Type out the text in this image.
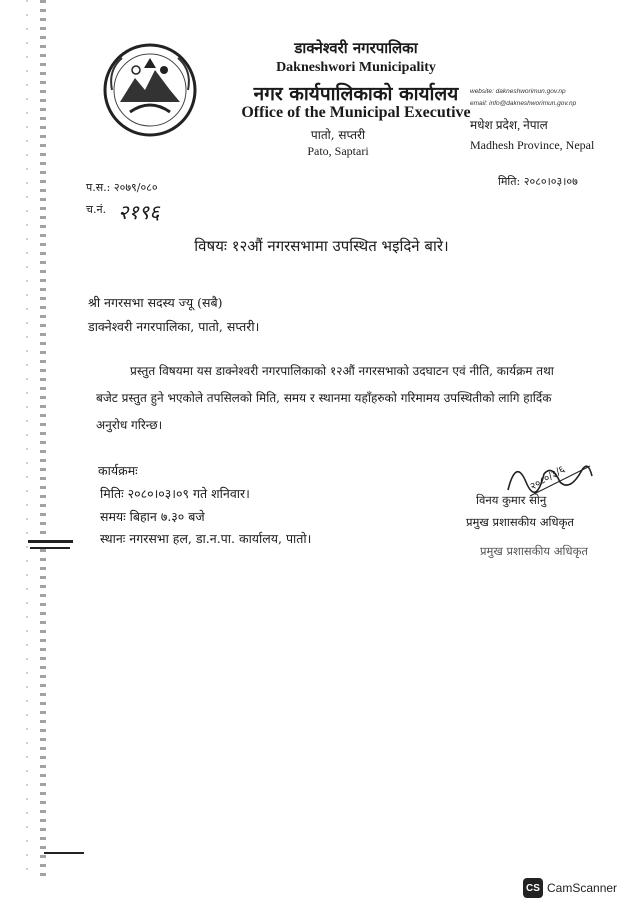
डाक्नेश्वरी नगरपालिका
Dakneshwori Municipality
नगर कार्यपालिकाको कार्यालय
Office of the Municipal Executive
पातो, सप्तरी
Pato, Saptari
website: dakneshworimun.gov.np
email: info@dakneshworimun.gov.np
मधेश प्रदेश, नेपाल
Madhesh Province, Nepal
प.स.: २०७९/०८०
च.नं. २१९६
मिति: २०८०।०३।०७
विषयः १२औं नगरसभामा उपस्थित भइदिने बारे।
श्री नगरसभा सदस्य ज्यू (सबै)
डाक्नेश्वरी नगरपालिका, पातो, सप्तरी।
प्रस्तुत विषयमा यस डाक्नेश्वरी नगरपालिकाको १२औं नगरसभाको उदघाटन एवं नीति, कार्यक्रम तथा
बजेट प्रस्तुत हुने भएकोले तपसिलको मिति, समय र स्थानमा यहाँहरुको गरिमामय उपस्थितीको लागि हार्दिक
अनुरोध गरिन्छ।
कार्यक्रमः
मितिः २०८०।०३।०९ गते शनिवार।
समयः बिहान ७.३० बजे
स्थानः नगरसभा हल, डा.न.पा. कार्यालय, पातो।
२०८०/३/६
विनय कुमार सोनु
प्रमुख प्रशासकीय अधिकृत
प्रमुख प्रशासकीय अधिकृत
CS CamScanner
